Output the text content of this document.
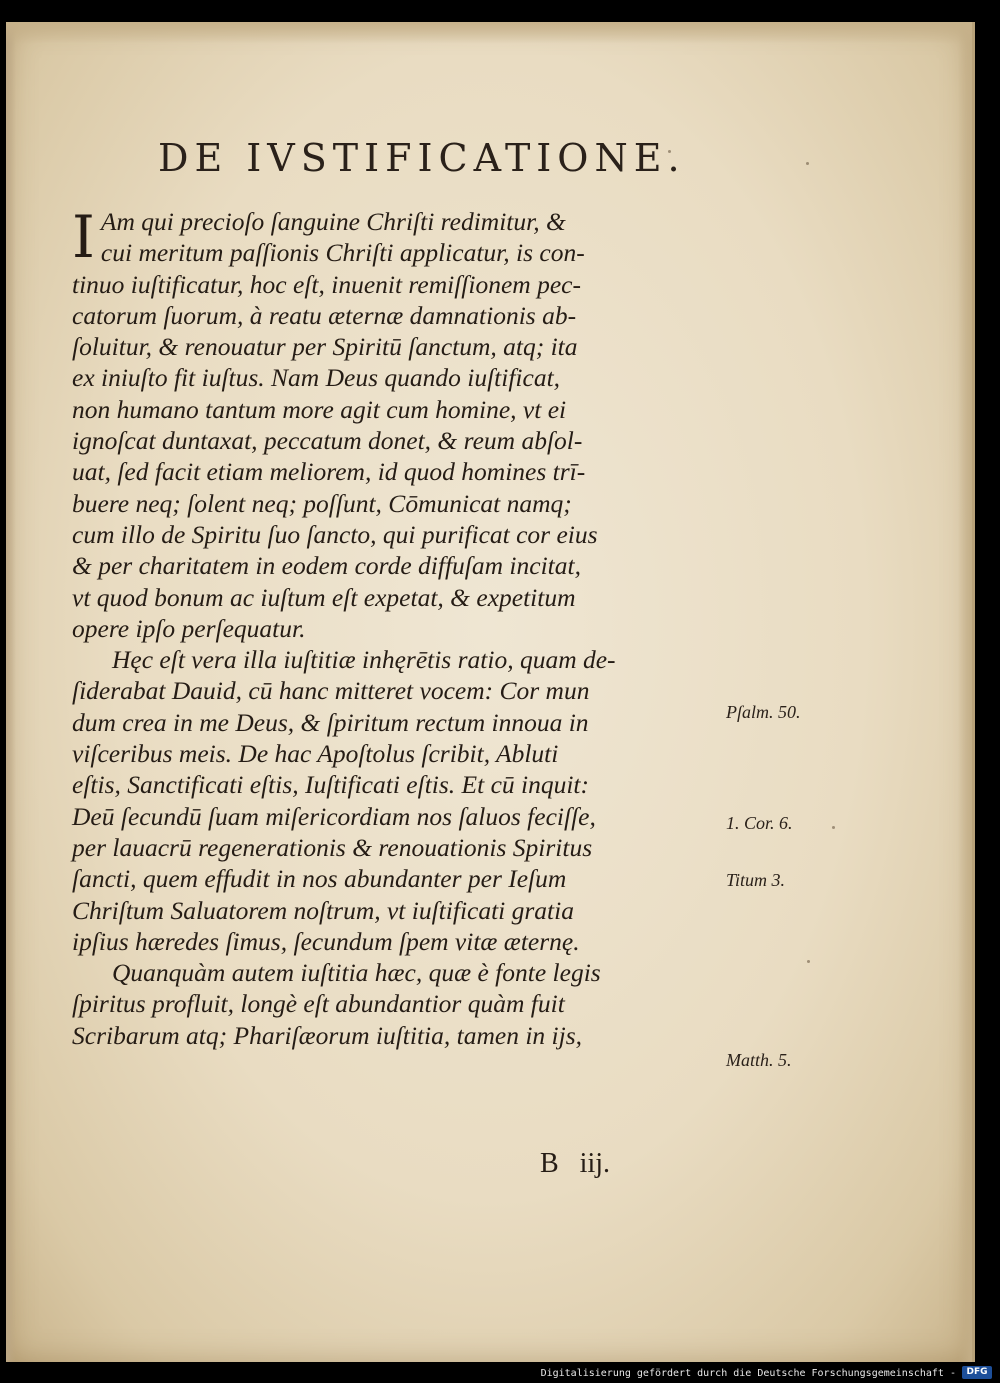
DE IVSTIFICATIONE.
I Am qui precioſo ſanguine Chriſti redimitur, &
cui meritum paſſionis Chriſti applicatur, is con-
tinuo iuſtificatur, hoc eſt, inuenit remiſſionem pec-
catorum ſuorum, à reatu æternæ damnationis ab-
ſoluitur, & renouatur per Spiritū ſanctum, atq; ita
ex iniuſto fit iuſtus. Nam Deus quando iuſtificat,
non humano tantum more agit cum homine, vt ei
ignoſcat duntaxat, peccatum donet, & reum abſol-
uat, ſed facit etiam meliorem, id quod homines trī-
buere neq; ſolent neq; poſſunt, Cōmunicat namq;
cum illo de Spiritu ſuo ſancto, qui purificat cor eius
& per charitatem in eodem corde diffuſam incitat,
vt quod bonum ac iuſtum eſt expetat, & expetitum
opere ipſo perſequatur.
Hęc eſt vera illa iuſtitiæ inhęrētis ratio, quam de-
ſiderabat Dauid, cū hanc mitteret vocem: Cor mun
dum crea in me Deus, & ſpiritum rectum innoua in
viſceribus meis. De hac Apoſtolus ſcribit, Abluti
eſtis, Sanctificati eſtis, Iuſtificati eſtis. Et cū inquit:
Deū ſecundū ſuam miſericordiam nos ſaluos feciſſe,
per lauacrū regenerationis & renouationis Spiritus
ſancti, quem effudit in nos abundanter per Ieſum
Chriſtum Saluatorem noſtrum, vt iuſtificati gratia
ipſius hæredes ſimus, ſecundum ſpem vitæ æternę.
Quanquàm autem iuſtitia hæc, quæ è fonte legis
ſpiritus profluit, longè eſt abundantior quàm fuit
Scribarum atq; Phariſæorum iuſtitia, tamen in ijs,
Pſalm. 50.
1. Cor. 6.
Titum 3.
Matth. 5.
B iij.
Digitalisierung gefördert durch die Deutsche Forschungsgemeinschaft -	DFG
